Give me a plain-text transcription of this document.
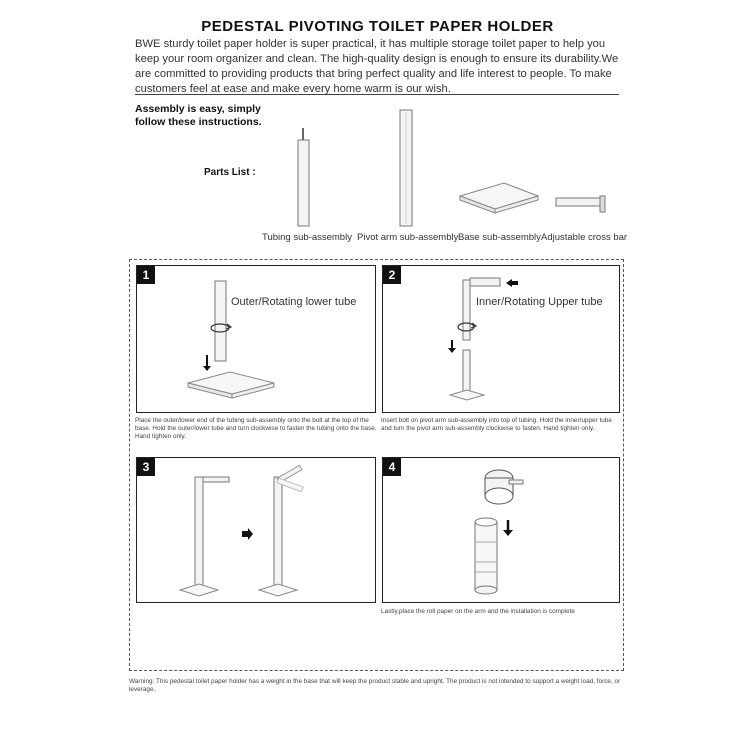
PEDESTAL PIVOTING TOILET PAPER HOLDER
BWE sturdy toilet paper holder is super practical, it has multiple storage toilet paper to help you keep your room organizer and clean. The high-quality design is enough to ensure its durability.We are committed to providing products that bring perfect quality and life interest to people. To make customers feel at ease and make every home warm is our wish.
Assembly is easy, simply follow these instructions.
Parts List :
Tubing sub-assembly Pivot arm sub-assembly Base sub-assembly Adjustable cross bar
1	2
3	4
Outer/Rotating lower tube	Inner/Rotating Upper tube
Place the outer/lower end of the tubing sub-assembly onto the bolt at the top of the base. Hold the outer/lower tube and turn clockwise to fasten the tubing onto the base. Hand tighten only.
Insert bolt on pivot arm sub-assembly into top of tubing. Hold the inner/upper tube and turn the pivot arm sub-assembly clockwise to fasten. Hand tighten only.
Lastly,place the roll paper on the arm and the installation is complete
Warning: This pedestal toilet paper holder has a weight in the base that will keep the product stable and upright. The product is not intended to support a weight load, force, or leverage.
